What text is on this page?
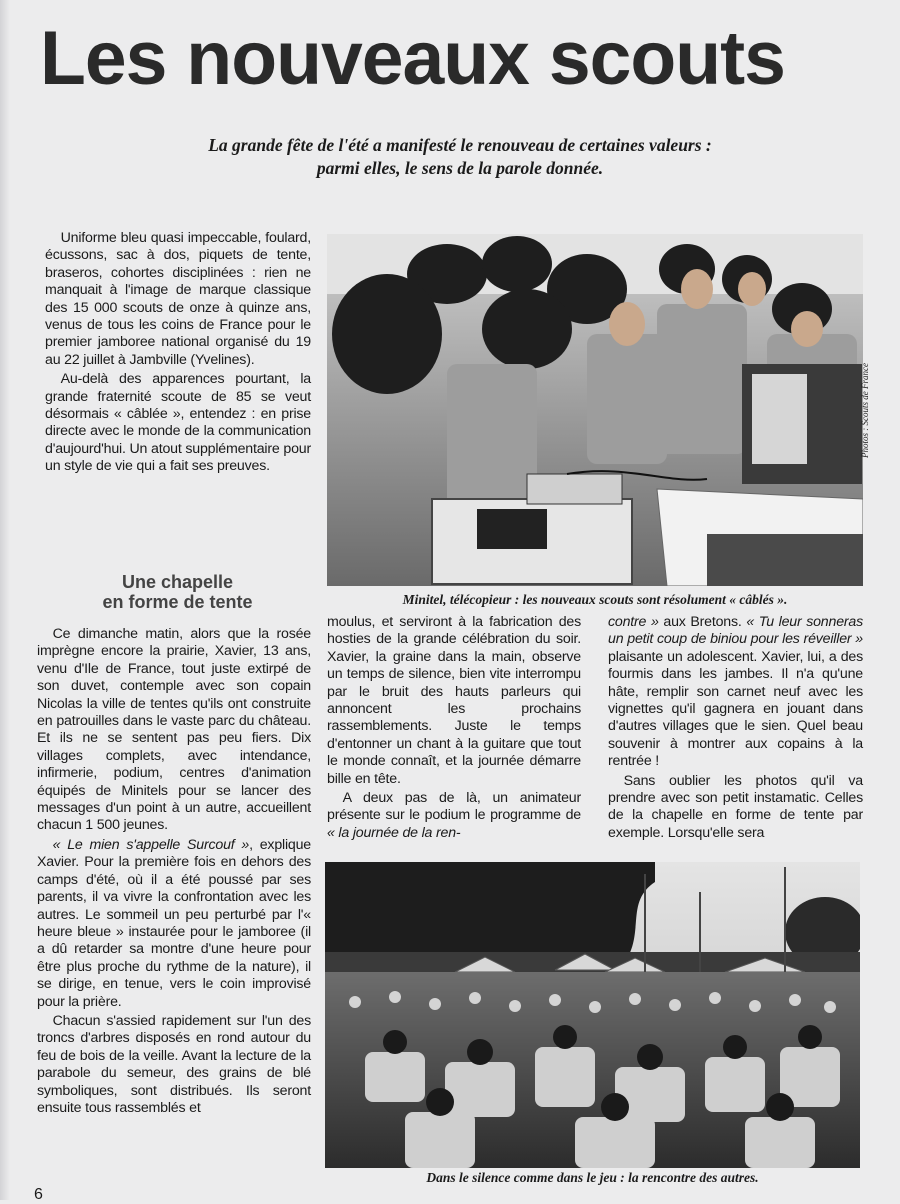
Les nouveaux scouts
La grande fête de l'été a manifesté le renouveau de certaines valeurs :
parmi elles, le sens de la parole donnée.

Uniforme bleu quasi impeccable, foulard, écussons, sac à dos, piquets de tente, braseros, cohortes disciplinées : rien ne manquait à l'image de marque classique des 15 000 scouts de onze à quinze ans, venus de tous les coins de France pour le premier jamboree national organisé du 19 au 22 juillet à Jambville (Yvelines).

Au-delà des apparences pourtant, la grande fraternité scoute de 85 se veut désormais « câblée », entendez : en prise directe avec le monde de la communication d'aujourd'hui. Un atout supplémentaire pour un style de vie qui a fait ses preuves.

Photos : Scouts de France
Minitel, télécopieur : les nouveaux scouts sont résolument « câblés ».
Une chapelle
en forme de tente

Ce dimanche matin, alors que la rosée imprègne encore la prairie, Xavier, 13 ans, venu d'Ile de France, tout juste extirpé de son duvet, contemple avec son copain Nicolas la ville de tentes qu'ils ont construite en patrouilles dans le vaste parc du château. Et ils ne se sentent pas peu fiers. Dix villages complets, avec intendance, infirmerie, podium, centres d'animation équipés de Minitels pour se lancer des messages d'un point à un autre, accueillent chacun 1 500 jeunes.

« Le mien s'appelle Surcouf », explique Xavier. Pour la première fois en dehors des camps d'été, où il a été poussé par ses parents, il va vivre la confrontation avec les autres. Le sommeil un peu perturbé par l'« heure bleue » instaurée pour le jamboree (il a dû retarder sa montre d'une heure pour être plus proche du rythme de la nature), il se dirige, en tenue, vers le coin improvisé pour la prière.

Chacun s'assied rapidement sur l'un des troncs d'arbres disposés en rond autour du feu de bois de la veille. Avant la lecture de la parabole du semeur, des grains de blé symboliques, sont distribués. Ils seront ensuite tous rassemblés et

moulus, et serviront à la fabrication des hosties de la grande célébration du soir. Xavier, la graine dans la main, observe un temps de silence, bien vite interrompu par le bruit des hauts parleurs qui annoncent les prochains rassemblements. Juste le temps d'entonner un chant à la guitare que tout le monde connaît, et la journée démarre bille en tête.

A deux pas de là, un animateur présente sur le podium le programme de « la journée de la ren-

contre » aux Bretons. « Tu leur sonneras un petit coup de biniou pour les réveiller » plaisante un adolescent. Xavier, lui, a des fourmis dans les jambes. Il n'a qu'une hâte, remplir son carnet neuf avec les vignettes qu'il gagnera en jouant dans d'autres villages que le sien. Quel beau souvenir à montrer aux copains à la rentrée !

Sans oublier les photos qu'il va prendre avec son petit instamatic. Celles de la chapelle en forme de tente par exemple. Lorsqu'elle sera

Dans le silence comme dans le jeu : la rencontre des autres.
6
